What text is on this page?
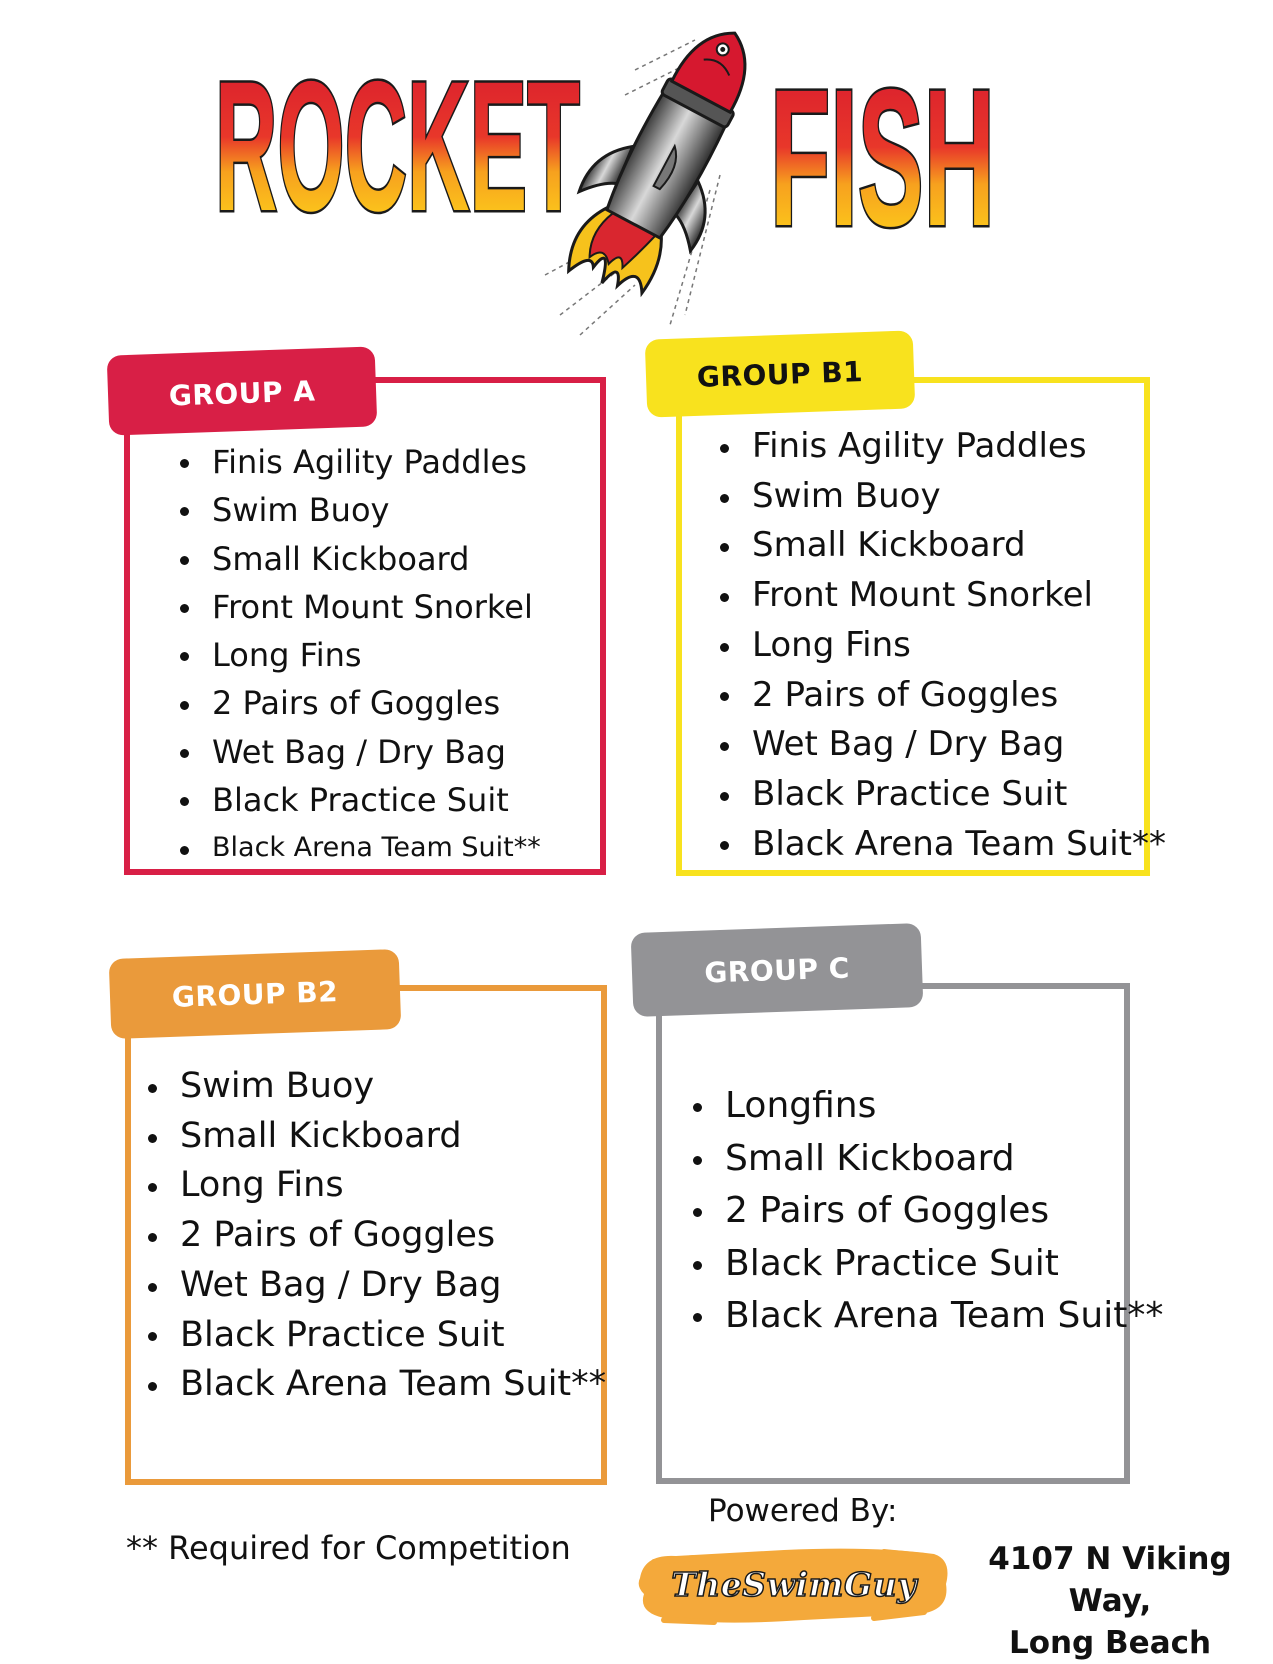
ROCKET FISH
GROUP A
Finis Agility Paddles
Swim Buoy
Small Kickboard
Front Mount Snorkel
Long Fins
2 Pairs of Goggles
Wet Bag / Dry Bag
Black Practice Suit
Black Arena Team Suit**
GROUP B1
Finis Agility Paddles
Swim Buoy
Small Kickboard
Front Mount Snorkel
Long Fins
2 Pairs of Goggles
Wet Bag / Dry Bag
Black Practice Suit
Black Arena Team Suit**
GROUP B2
Swim Buoy
Small Kickboard
Long Fins
2 Pairs of Goggles
Wet Bag / Dry Bag
Black Practice Suit
Black Arena Team Suit**
GROUP C
Longfins
Small Kickboard
2 Pairs of Goggles
Black Practice Suit
Black Arena Team Suit**
** Required for Competition
Powered By:
TheSwimGuy
4107 N Viking Way,
Long Beach
